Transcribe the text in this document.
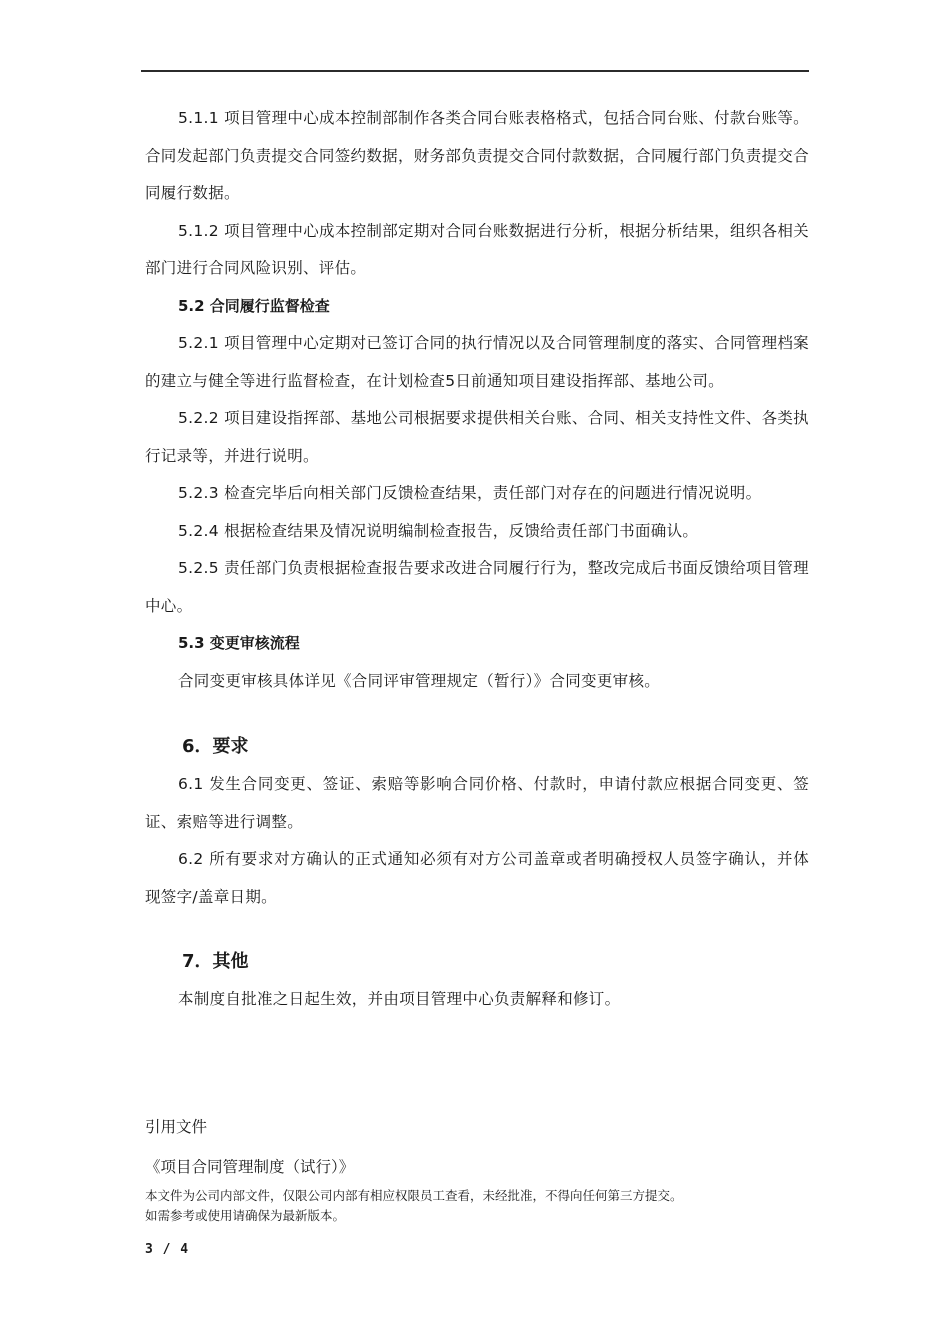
5.1.1 项目管理中心成本控制部制作各类合同台账表格格式，包括合同台账、付款台账等。合同发起部门负责提交合同签约数据，财务部负责提交合同付款数据，合同履行部门负责提交合同履行数据。

5.1.2 项目管理中心成本控制部定期对合同台账数据进行分析，根据分析结果，组织各相关部门进行合同风险识别、评估。

5.2 合同履行监督检查

5.2.1 项目管理中心定期对已签订合同的执行情况以及合同管理制度的落实、合同管理档案的建立与健全等进行监督检查，在计划检查5日前通知项目建设指挥部、基地公司。

5.2.2 项目建设指挥部、基地公司根据要求提供相关台账、合同、相关支持性文件、各类执行记录等，并进行说明。

5.2.3 检查完毕后向相关部门反馈检查结果，责任部门对存在的问题进行情况说明。

5.2.4 根据检查结果及情况说明编制检查报告，反馈给责任部门书面确认。

5.2.5 责任部门负责根据检查报告要求改进合同履行行为，整改完成后书面反馈给项目管理中心。

5.3 变更审核流程

合同变更审核具体详见《合同评审管理规定（暂行）》合同变更审核。

6．要求

6.1 发生合同变更、签证、索赔等影响合同价格、付款时，申请付款应根据合同变更、签证、索赔等进行调整。

6.2 所有要求对方确认的正式通知必须有对方公司盖章或者明确授权人员签字确认，并体现签字/盖章日期。

7．其他

本制度自批准之日起生效，并由项目管理中心负责解释和修订。

引用文件
《项目合同管理制度（试行）》
本文件为公司内部文件，仅限公司内部有相应权限员工查看，未经批准，不得向任何第三方提交。
如需参考或使用请确保为最新版本。
3 / 4
